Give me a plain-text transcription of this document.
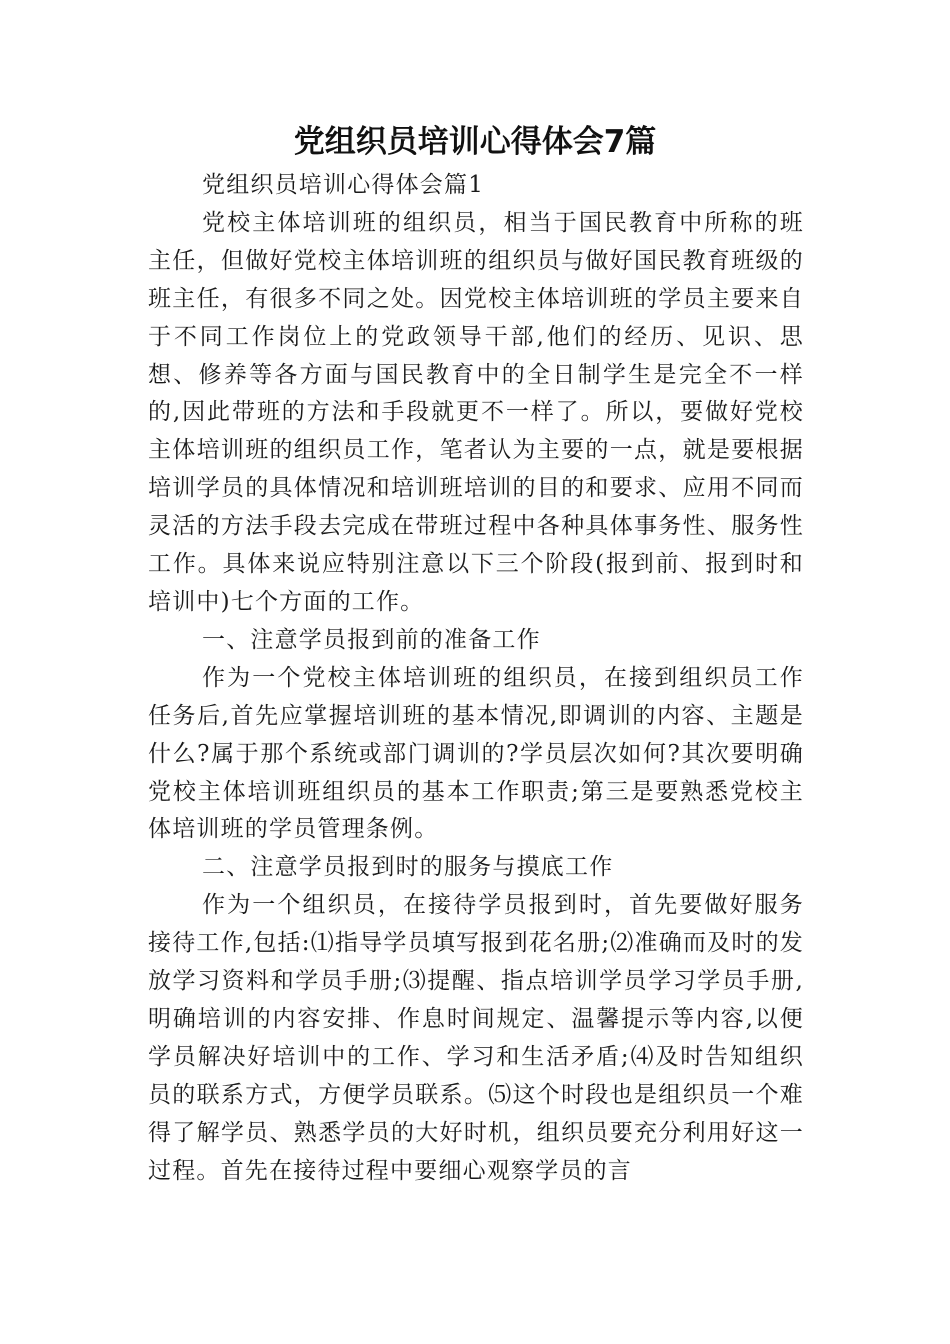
党组织员培训心得体会7篇

党组织员培训心得体会篇1

党校主体培训班的组织员，相当于国民教育中所称的班主任，但做好党校主体培训班的组织员与做好国民教育班级的班主任，有很多不同之处。因党校主体培训班的学员主要来自于不同工作岗位上的党政领导干部,他们的经历、见识、思想、修养等各方面与国民教育中的全日制学生是完全不一样的,因此带班的方法和手段就更不一样了。所以，要做好党校主体培训班的组织员工作，笔者认为主要的一点，就是要根据培训学员的具体情况和培训班培训的目的和要求、应用不同而灵活的方法手段去完成在带班过程中各种具体事务性、服务性工作。具体来说应特别注意以下三个阶段(报到前、报到时和培训中)七个方面的工作。

一、注意学员报到前的准备工作

作为一个党校主体培训班的组织员，在接到组织员工作任务后,首先应掌握培训班的基本情况,即调训的内容、主题是什么?属于那个系统或部门调训的?学员层次如何?其次要明确党校主体培训班组织员的基本工作职责;第三是要熟悉党校主体培训班的学员管理条例。

二、注意学员报到时的服务与摸底工作

作为一个组织员，在接待学员报到时，首先要做好服务接待工作,包括:⑴指导学员填写报到花名册;⑵准确而及时的发放学习资料和学员手册;⑶提醒、指点培训学员学习学员手册,明确培训的内容安排、作息时间规定、温馨提示等内容,以便学员解决好培训中的工作、学习和生活矛盾;⑷及时告知组织员的联系方式，方便学员联系。⑸这个时段也是组织员一个难得了解学员、熟悉学员的大好时机，组织员要充分利用好这一过程。首先在接待过程中要细心观察学员的言
